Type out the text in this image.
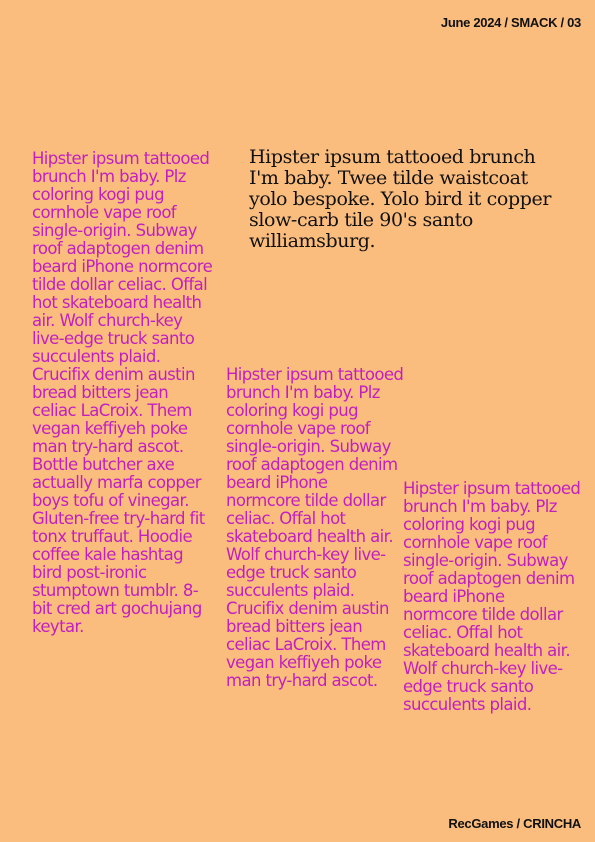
June 2024 / SMACK / 03

Hipster ipsum tattooed brunch I'm baby. Plz coloring kogi pug cornhole vape roof single-origin. Subway roof adaptogen denim beard iPhone normcore tilde dollar celiac. Offal hot skateboard health air. Wolf church-key live-edge truck santo succulents plaid. Crucifix denim austin bread bitters jean celiac LaCroix. Them vegan keffiyeh poke man try-hard ascot.

Bottle butcher axe actually marfa copper boys tofu of vinegar. Gluten-free try-hard fit tonx truffaut. Hoodie coffee kale hashtag bird post-ironic stumptown tumblr. 8-bit cred art gochujang keytar.

Hipster ipsum tattooed brunch I'm baby. Twee tilde waistcoat yolo bespoke. Yolo bird it copper slow-carb tile 90's santo williamsburg.

Hipster ipsum tattooed brunch I'm baby. Plz coloring kogi pug cornhole vape roof single-origin. Subway roof adaptogen denim beard iPhone normcore tilde dollar celiac. Offal hot skateboard health air. Wolf church-key live-edge truck santo succulents plaid. Crucifix denim austin bread bitters jean celiac LaCroix. Them vegan keffiyeh poke man try-hard ascot.

Hipster ipsum tattooed brunch I'm baby. Plz coloring kogi pug cornhole vape roof single-origin. Subway roof adaptogen denim beard iPhone normcore tilde dollar celiac. Offal hot skateboard health air. Wolf church-key live-edge truck santo succulents plaid.

RecGames / CRINCHA
